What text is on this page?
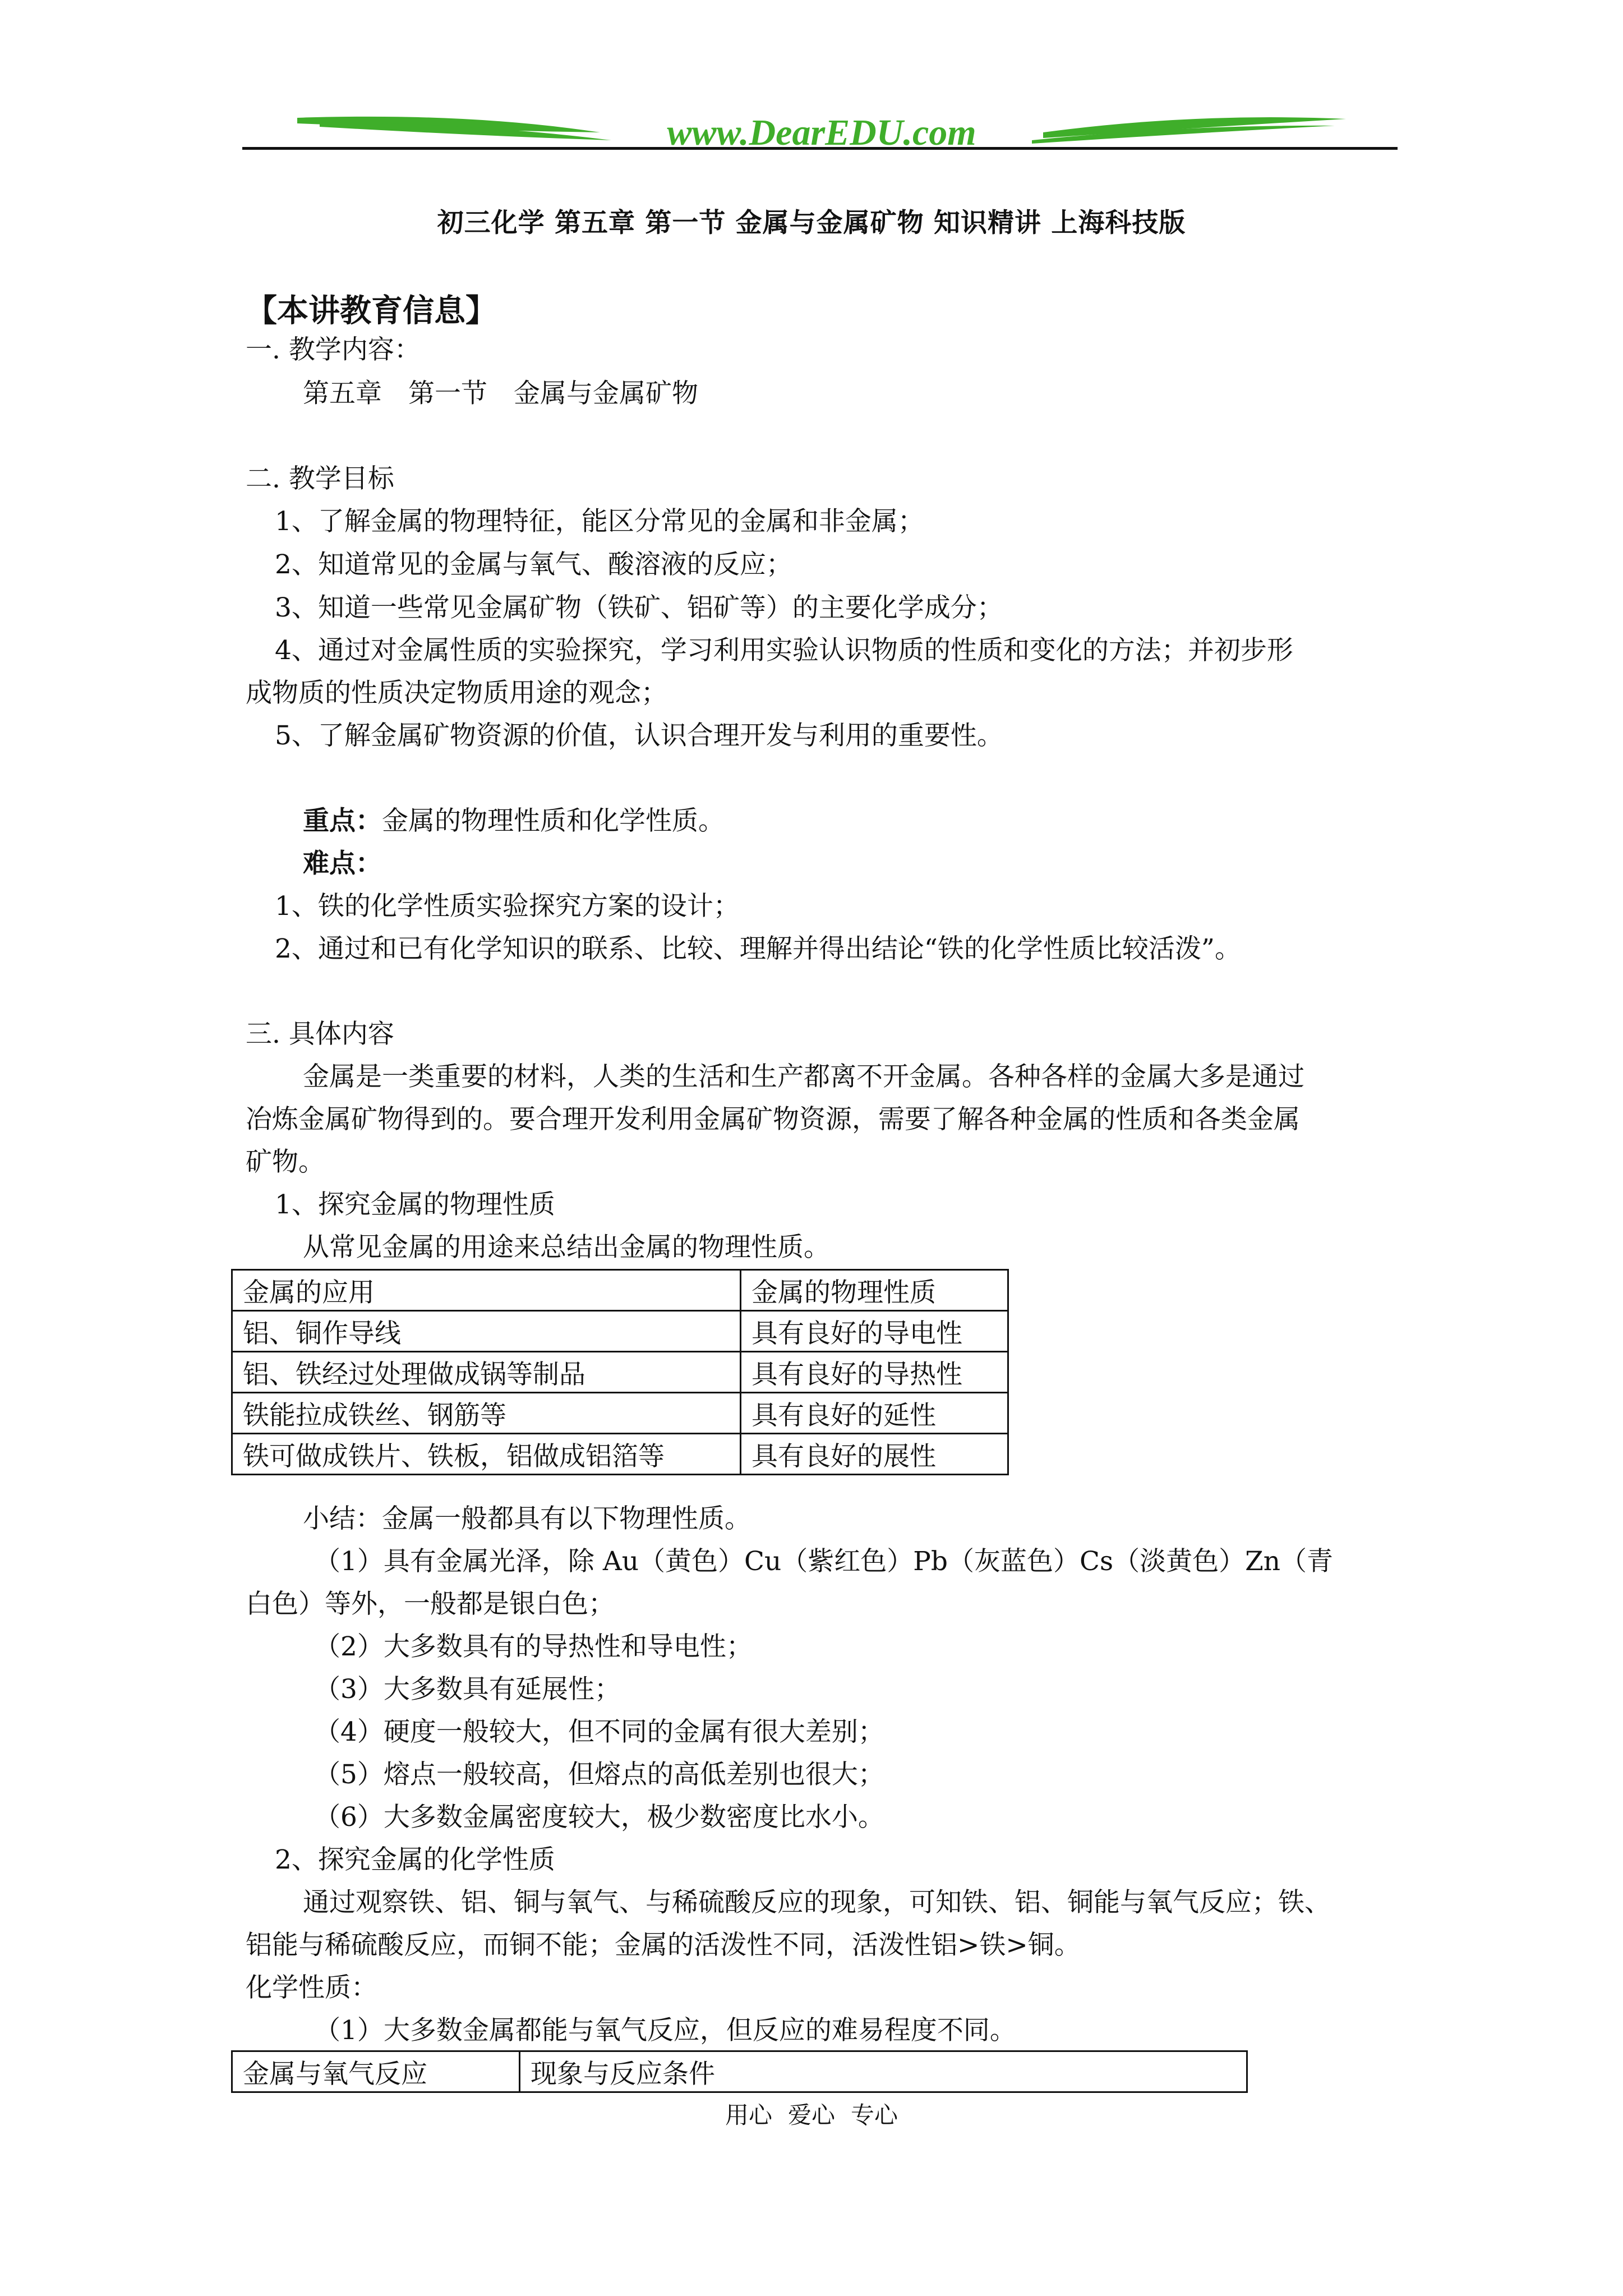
www.DearEDU.com
初三化学 第五章 第一节 金属与金属矿物 知识精讲 上海科技版
【本讲教育信息】
一. 教学内容：
第五章　第一节　金属与金属矿物
二. 教学目标
1、了解金属的物理特征，能区分常见的金属和非金属；
2、知道常见的金属与氧气、酸溶液的反应；
3、知道一些常见金属矿物（铁矿、铝矿等）的主要化学成分；
4、通过对金属性质的实验探究，学习利用实验认识物质的性质和变化的方法；并初步形
成物质的性质决定物质用途的观念；
5、了解金属矿物资源的价值，认识合理开发与利用的重要性。
重点：金属的物理性质和化学性质。
难点：
1、铁的化学性质实验探究方案的设计；
2、通过和已有化学知识的联系、比较、理解并得出结论“铁的化学性质比较活泼”。
三. 具体内容
金属是一类重要的材料，人类的生活和生产都离不开金属。各种各样的金属大多是通过
冶炼金属矿物得到的。要合理开发利用金属矿物资源，需要了解各种金属的性质和各类金属
矿物。
1、探究金属的物理性质
从常见金属的用途来总结出金属的物理性质。
金属的应用	金属的物理性质
铝、铜作导线	具有良好的导电性
铝、铁经过处理做成锅等制品	具有良好的导热性
铁能拉成铁丝、钢筋等	具有良好的延性
铁可做成铁片、铁板，铝做成铝箔等	具有良好的展性
小结：金属一般都具有以下物理性质。
（1）具有金属光泽，除 Au（黄色）Cu（紫红色）Pb（灰蓝色）Cs（淡黄色）Zn（青
白色）等外，一般都是银白色；
（2）大多数具有的导热性和导电性；
（3）大多数具有延展性；
（4）硬度一般较大，但不同的金属有很大差别；
（5）熔点一般较高，但熔点的高低差别也很大；
（6）大多数金属密度较大，极少数密度比水小。
2、探究金属的化学性质
通过观察铁、铝、铜与氧气、与稀硫酸反应的现象，可知铁、铝、铜能与氧气反应；铁、
铝能与稀硫酸反应，而铜不能；金属的活泼性不同，活泼性铝>铁>铜。
化学性质：
（1）大多数金属都能与氧气反应，但反应的难易程度不同。
金属与氧气反应	现象与反应条件
用心 爱心 专心
